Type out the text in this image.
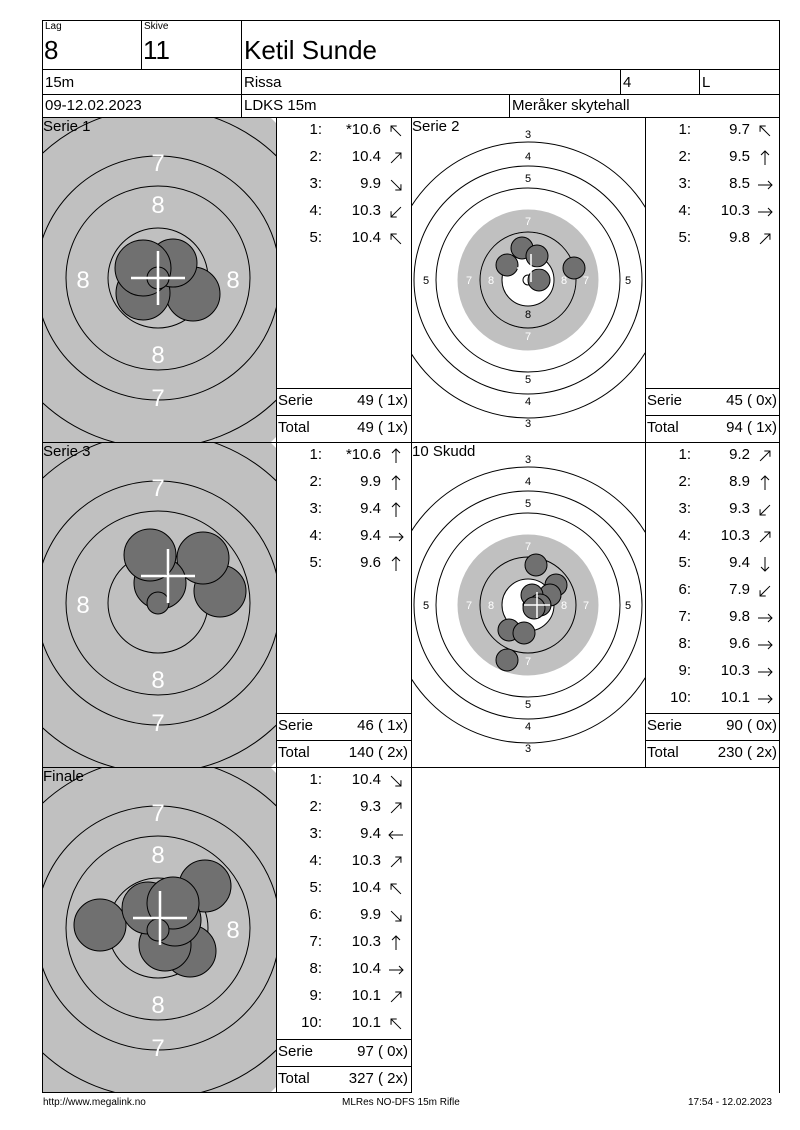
Lag
8
Skive
11	Ketil Sunde
15m	Rissa	4	L
09-12.02.2023	LDKS 15m	Meråker skytehall
7
8
8	8
8
7
Serie 1	3
4
5
6
7
5 6 7 8	8 7 6 5
8
7
6
5
4
3
Serie 2
7
8
8
7
Serie 3	3
4
5
6
7
5 6 7 8	8 7 6 5
7
6
5
4
3
10 Skudd
7
8
8
8
7
Finale
1:	*10.6
2:	10.4
3:	9.9
4:	10.3
5:	10.4
Serie	49 ( 1x)
Total	49 ( 1x)
1:	9.7
2:	9.5
3:	8.5
4:	10.3
5:	9.8
Serie	45 ( 0x)
Total	94 ( 1x)
1:	*10.6
2:	9.9
3:	9.4
4:	9.4
5:	9.6
Serie	46 ( 1x)
Total	140 ( 2x)
1:	9.2
2:	8.9
3:	9.3
4:	10.3
5:	9.4
6:	7.9
7:	9.8
8:	9.6
9:	10.3
10:	10.1
Serie	90 ( 0x)
Total	230 ( 2x)
1:	10.4
2:	9.3
3:	9.4
4:	10.3
5:	10.4
6:	9.9
7:	10.3
8:	10.4
9:	10.1
10:	10.1
Serie	97 ( 0x)
Total	327 ( 2x)
http://www.megalink.no	MLRes NO-DFS 15m Rifle	17:54 - 12.02.2023
